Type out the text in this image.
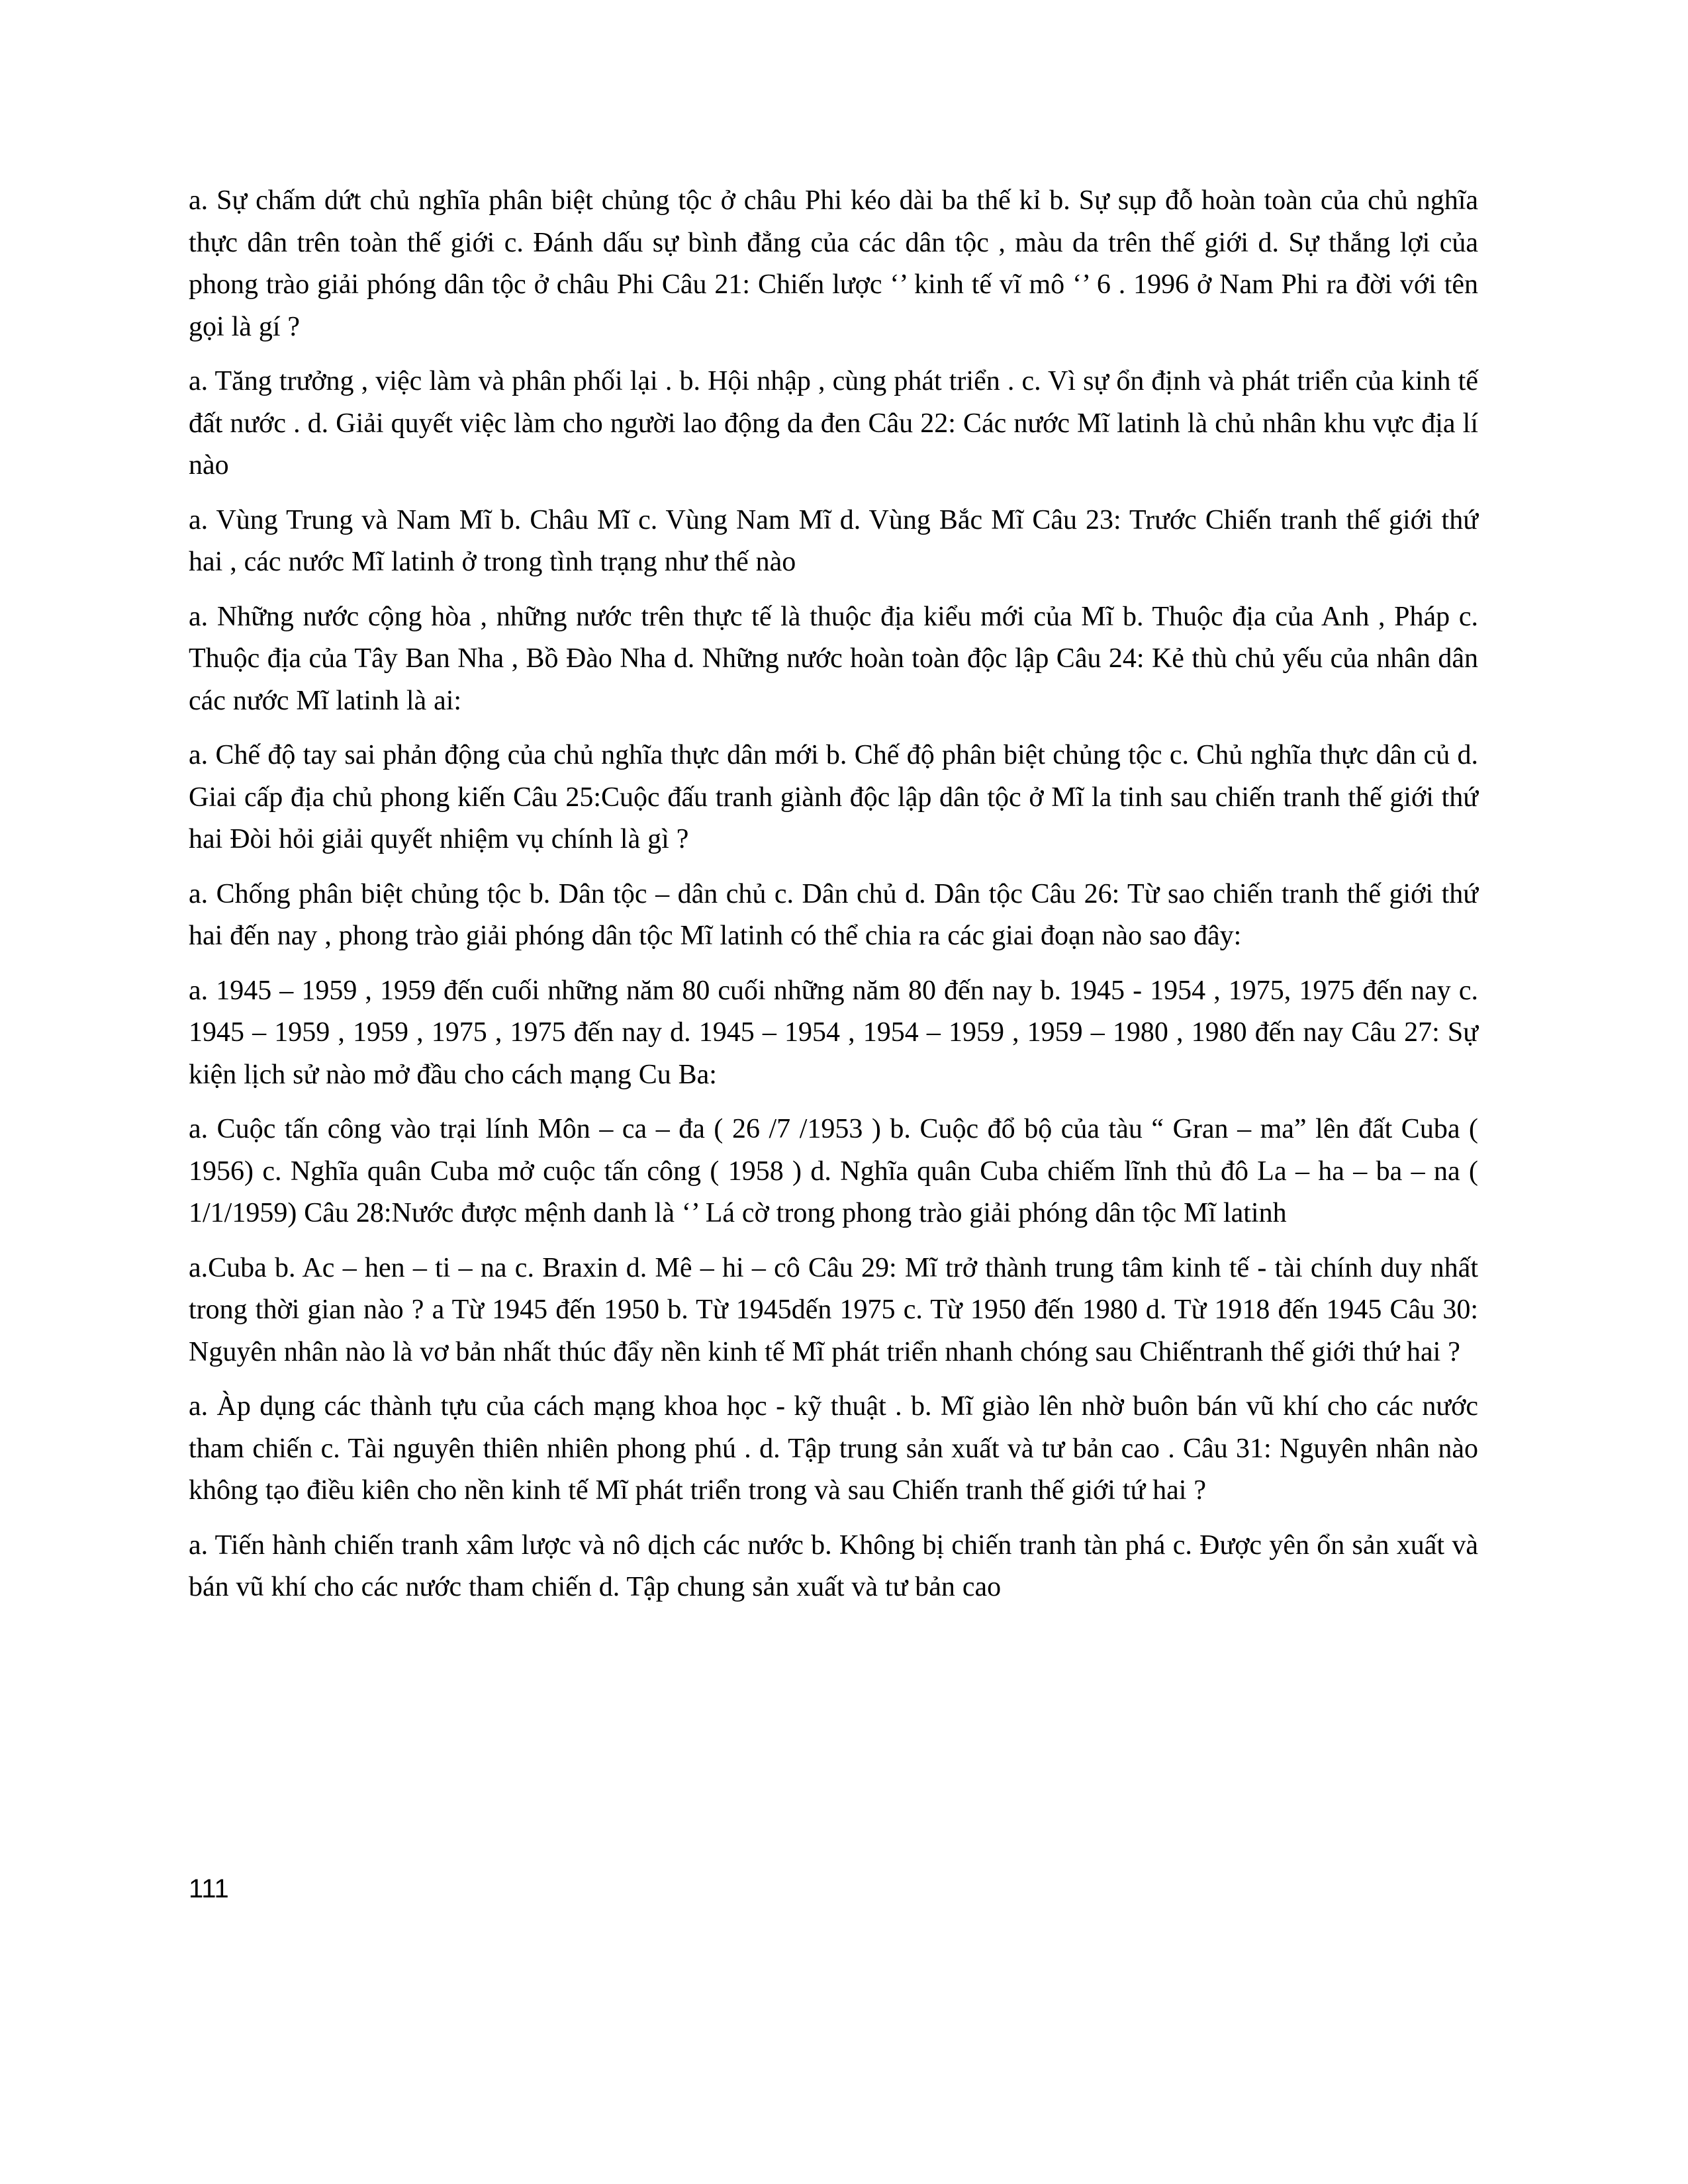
a. Sự chấm dứt chủ nghĩa phân biệt chủng tộc ở châu Phi kéo dài ba thế kỉ b. Sự sụp đỗ hoàn toàn của chủ nghĩa thực dân trên toàn thế giới c. Đánh dấu sự bình đẳng của các dân tộc , màu da trên thế giới d. Sự thắng lợi của phong trào giải phóng dân tộc ở châu Phi Câu 21: Chiến lược ‘’ kinh tế vĩ mô ‘’ 6 . 1996 ở Nam Phi ra đời với tên gọi là gí ?

a. Tăng trưởng , việc làm và phân phối lại . b. Hội nhập , cùng phát triển . c. Vì sự ổn định và phát triển của kinh tế đất nước . d. Giải quyết việc làm cho người lao động da đen Câu 22: Các nước Mĩ latinh là chủ nhân khu vực địa lí nào

a. Vùng Trung và Nam Mĩ b. Châu Mĩ c. Vùng Nam Mĩ d. Vùng Bắc Mĩ Câu 23: Trước Chiến tranh thế giới thứ hai , các nước Mĩ latinh ở trong tình trạng như thế nào

a. Những nước cộng hòa , những nước trên thực tế là thuộc địa kiểu mới của Mĩ b. Thuộc địa của Anh , Pháp c. Thuộc địa của Tây Ban Nha , Bồ Đào Nha d. Những nước hoàn toàn độc lập Câu 24: Kẻ thù chủ yếu của nhân dân các nước Mĩ latinh là ai:

a. Chế độ tay sai phản động của chủ nghĩa thực dân mới b. Chế độ phân biệt chủng tộc c. Chủ nghĩa thực dân củ d. Giai cấp địa chủ phong kiến Câu 25:Cuộc đấu tranh giành độc lập dân tộc ở Mĩ la tinh sau chiến tranh thế giới thứ hai Đòi hỏi giải quyết nhiệm vụ chính là gì ?

a. Chống phân biệt chủng tộc b. Dân tộc – dân chủ c. Dân chủ d. Dân tộc Câu 26: Từ sao chiến tranh thế giới thứ hai đến nay , phong trào giải phóng dân tộc Mĩ latinh có thể chia ra các giai đoạn nào sao đây:

a. 1945 – 1959 , 1959 đến cuối những năm 80 cuối những năm 80 đến nay b. 1945 - 1954 , 1975, 1975 đến nay c. 1945 – 1959 , 1959 , 1975 , 1975 đến nay d. 1945 – 1954 , 1954 – 1959 , 1959 – 1980 , 1980 đến nay Câu 27: Sự kiện lịch sử nào mở đầu cho cách mạng Cu Ba:

a. Cuộc tấn công vào trại lính Môn – ca – đa ( 26 /7 /1953 ) b. Cuộc đổ bộ của tàu “ Gran – ma” lên đất Cuba ( 1956) c. Nghĩa quân Cuba mở cuộc tấn công ( 1958 ) d. Nghĩa quân Cuba chiếm lĩnh thủ đô La – ha – ba – na ( 1/1/1959) Câu 28:Nước được mệnh danh là ‘’ Lá cờ trong phong trào giải phóng dân tộc Mĩ latinh

a.Cuba b. Ac – hen – ti – na c. Braxin d. Mê – hi – cô Câu 29: Mĩ trở thành trung tâm kinh tế - tài chính duy nhất trong thời gian nào ? a Từ 1945 đến 1950 b. Từ 1945dến 1975 c. Từ 1950 đến 1980 d. Từ 1918 đến 1945 Câu 30: Nguyên nhân nào là vơ bản nhất thúc đẩy nền kinh tế Mĩ phát triển nhanh chóng sau Chiếntranh thế giới thứ hai ?

a. Àp dụng các thành tựu của cách mạng khoa học - kỹ thuật . b. Mĩ giào lên nhờ buôn bán vũ khí cho các nước tham chiến c. Tài nguyên thiên nhiên phong phú . d. Tập trung sản xuất và tư bản cao . Câu 31: Nguyên nhân nào không tạo điều kiên cho nền kinh tế Mĩ phát triển trong và sau Chiến tranh thế giới tứ hai ?

a. Tiến hành chiến tranh xâm lược và nô dịch các nước b. Không bị chiến tranh tàn phá c. Được yên ổn sản xuất và bán vũ khí cho các nước tham chiến d. Tập chung sản xuất và tư bản cao

111
